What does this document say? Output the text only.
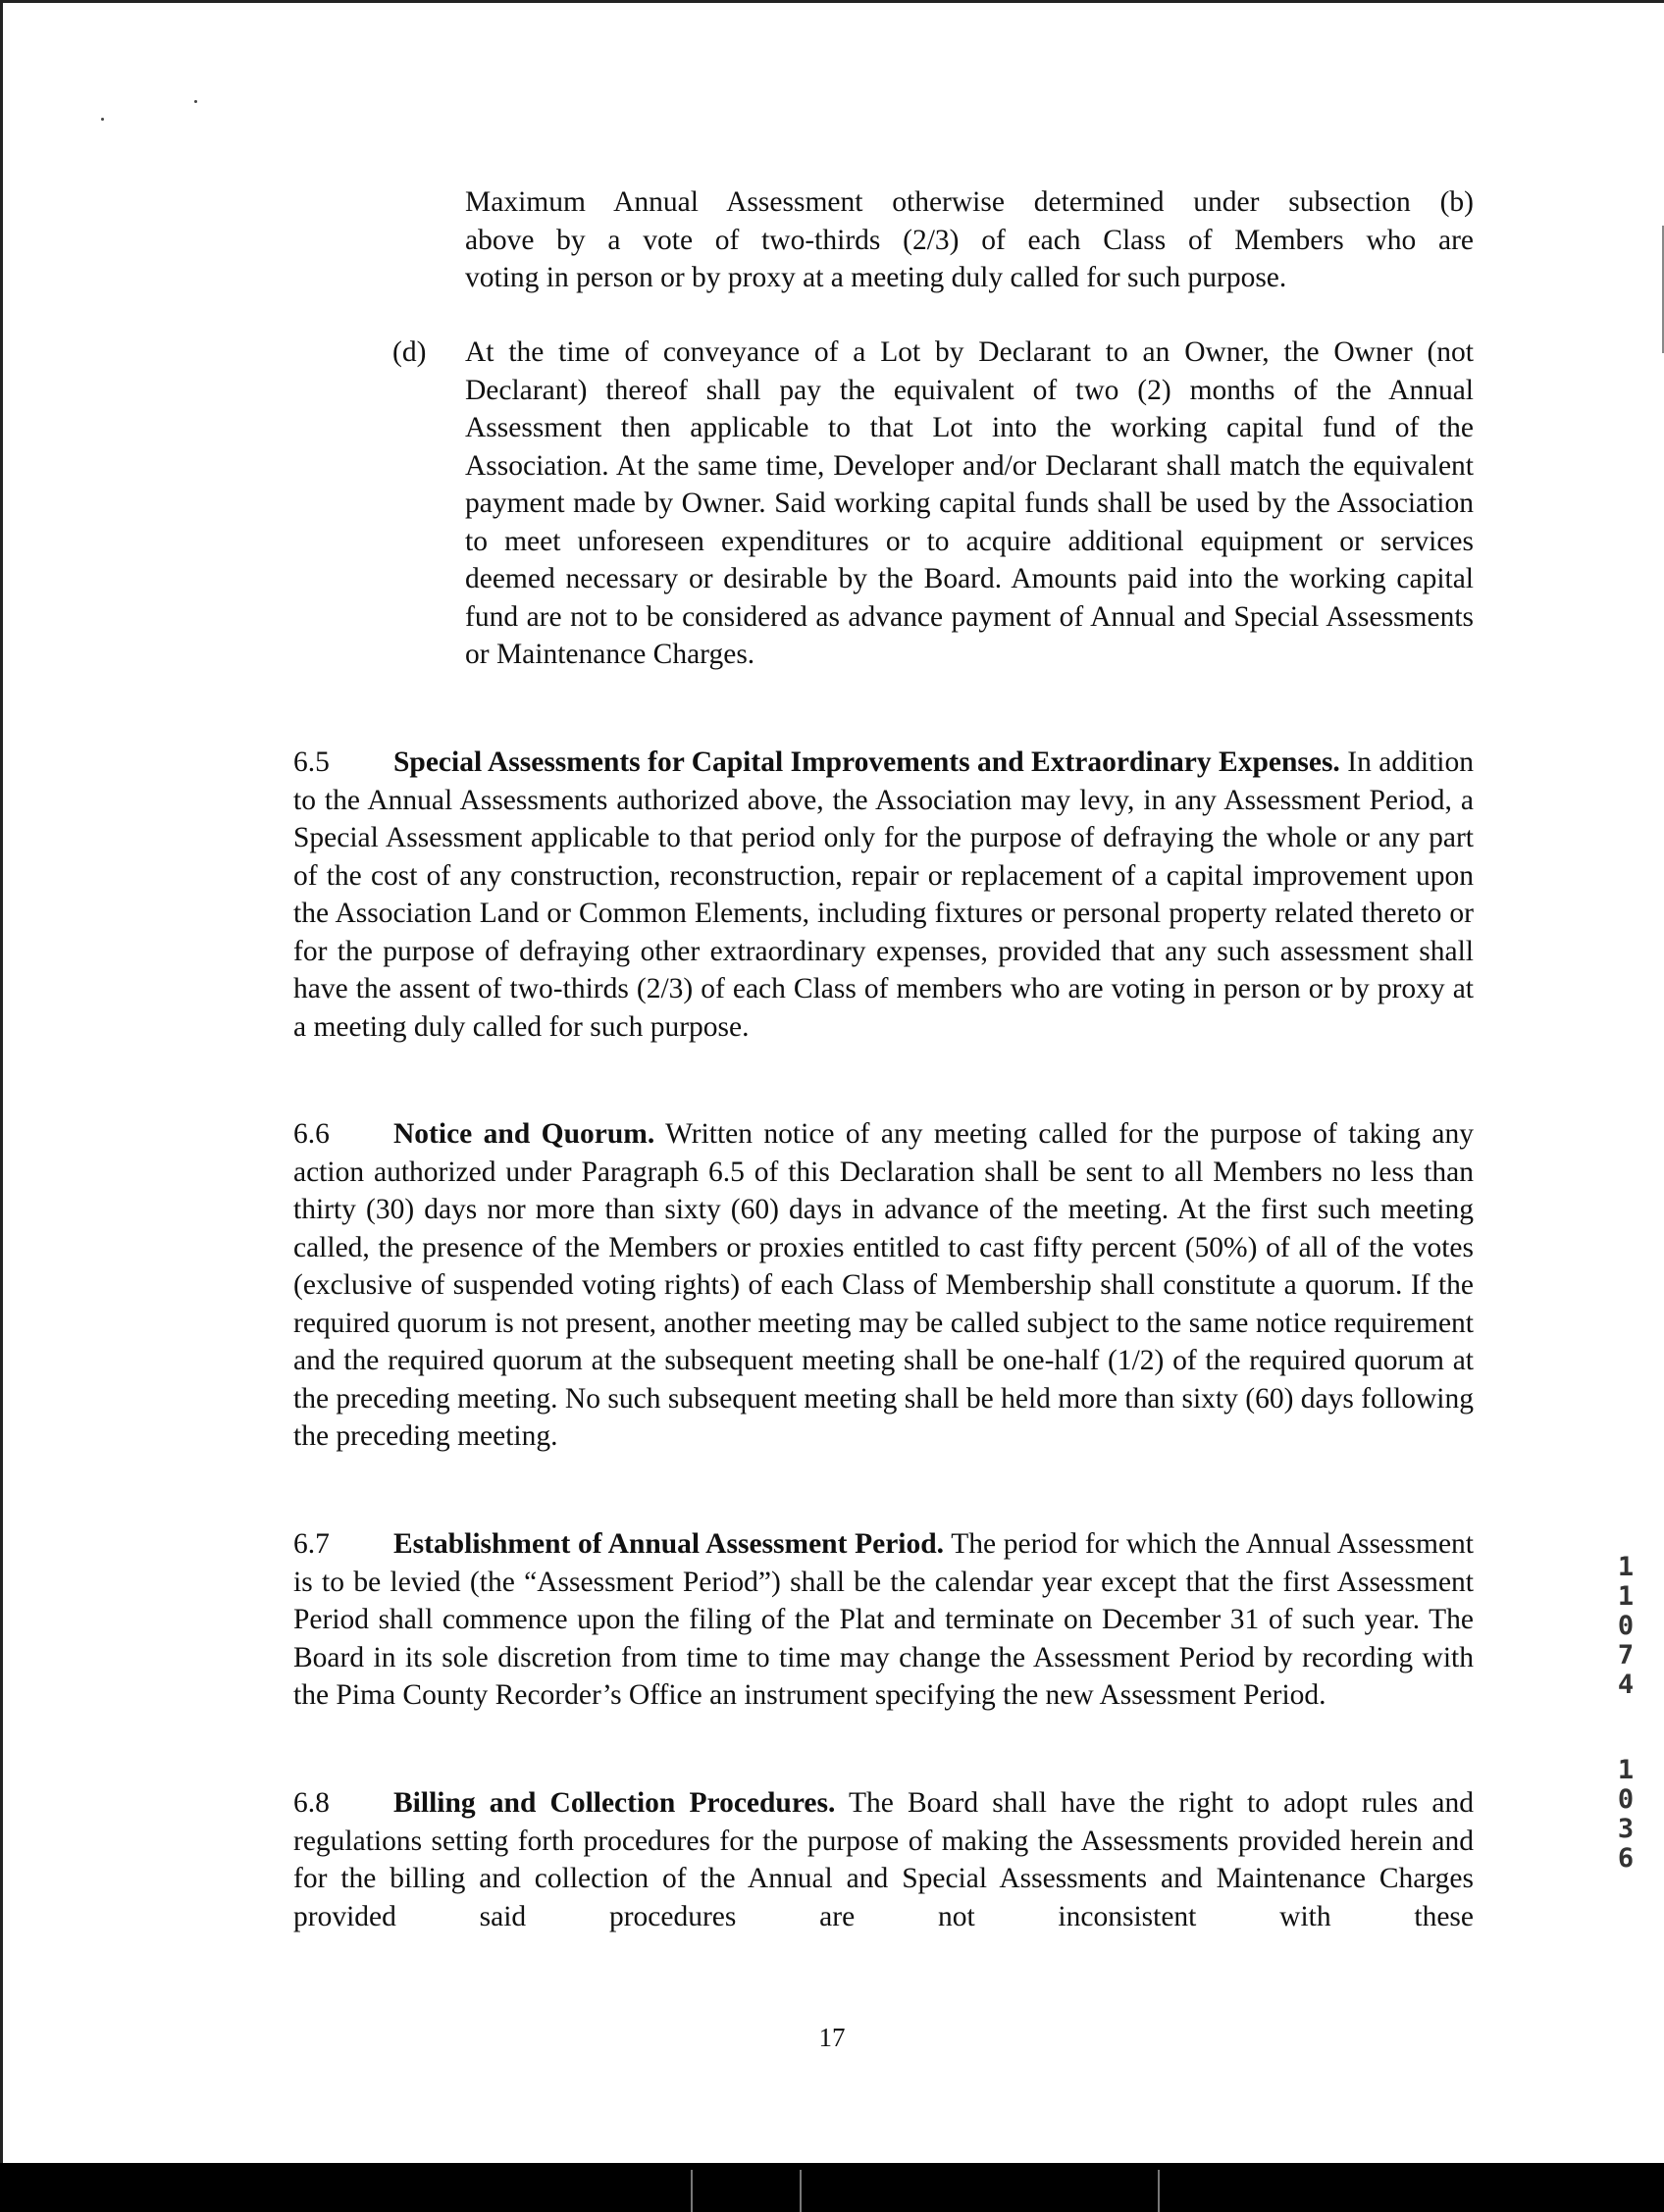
Maximum Annual Assessment otherwise determined under subsection (b)
above by a vote of two-thirds (2/3) of each Class of Members who are
voting in person or by proxy at a meeting duly called for such purpose.
(d) At the time of conveyance of a Lot by Declarant to an Owner, the Owner (not Declarant) thereof shall pay the equivalent of two (2) months of the Annual Assessment then applicable to that Lot into the working capital fund of the Association. At the same time, Developer and/or Declarant shall match the equivalent payment made by Owner. Said working capital funds shall be used by the Association to meet unforeseen expenditures or to acquire additional equipment or services deemed necessary or desirable by the Board. Amounts paid into the working capital fund are not to be considered as advance payment of Annual and Special Assessments or Maintenance Charges.

6.5 Special Assessments for Capital Improvements and Extraordinary Expenses. In addition to the Annual Assessments authorized above, the Association may levy, in any Assessment Period, a Special Assessment applicable to that period only for the purpose of defraying the whole or any part of the cost of any construction, reconstruction, repair or replacement of a capital improvement upon the Association Land or Common Elements, including fixtures or personal property related thereto or for the purpose of defraying other extraordinary expenses, provided that any such assessment shall have the assent of two-thirds (2/3) of each Class of members who are voting in person or by proxy at a meeting duly called for such purpose.

6.6 Notice and Quorum. Written notice of any meeting called for the purpose of taking any action authorized under Paragraph 6.5 of this Declaration shall be sent to all Members no less than thirty (30) days nor more than sixty (60) days in advance of the meeting. At the first such meeting called, the presence of the Members or proxies entitled to cast fifty percent (50%) of all of the votes (exclusive of suspended voting rights) of each Class of Membership shall constitute a quorum. If the required quorum is not present, another meeting may be called subject to the same notice requirement and the required quorum at the subsequent meeting shall be one-half (1/2) of the required quorum at the preceding meeting. No such subsequent meeting shall be held more than sixty (60) days following the preceding meeting.

6.7 Establishment of Annual Assessment Period. The period for which the Annual Assessment is to be levied (the “Assessment Period”) shall be the calendar year except that the first Assessment Period shall commence upon the filing of the Plat and terminate on December 31 of such year. The Board in its sole discretion from time to time may change the Assessment Period by recording with the Pima County Recorder’s Office an instrument specifying the new Assessment Period.

6.8 Billing and Collection Procedures. The Board shall have the right to adopt rules and regulations setting forth procedures for the purpose of making the Assessments provided herein and for the billing and collection of the Annual and Special Assessments and Maintenance Charges provided said procedures are not inconsistent with these

17
1
1
0
7
4
1
0
3
6
